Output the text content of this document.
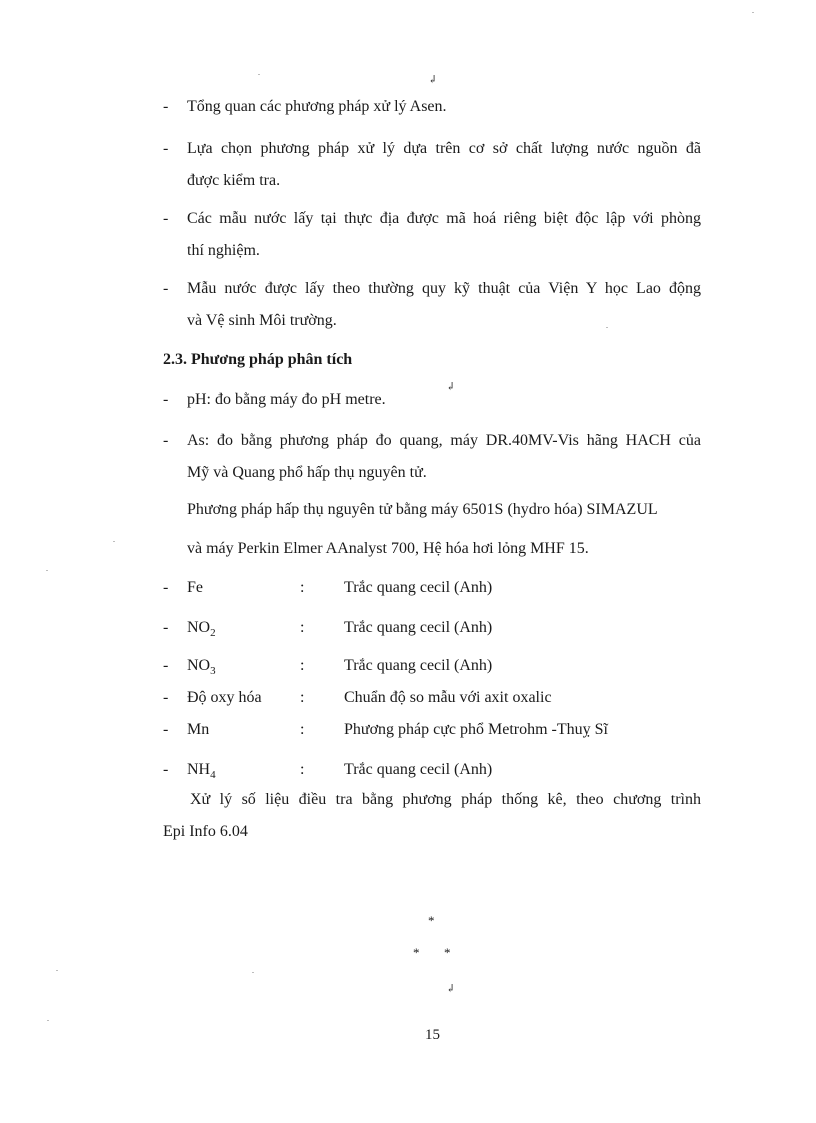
↲
↲
↲
- Tổng quan các phương pháp xử lý Asen.
- Lựa chọn phương pháp xử lý dựa trên cơ sở chất lượng nước nguồn đã
được kiểm tra.
- Các mẫu nước lấy tại thực địa được mã hoá riêng biệt độc lập với phòng
thí nghiệm.
- Mẫu nước được lấy theo thường quy kỹ thuật của Viện Y học Lao động
và Vệ sinh Môi trường.
2.3. Phương pháp phân tích
- pH: đo bằng máy đo pH metre.
- As: đo bằng phương pháp đo quang, máy DR.40MV-Vis hãng HACH của
Mỹ và Quang phổ hấp thụ nguyên tử.
Phương pháp hấp thụ nguyên tử bằng máy 6501S (hydro hóa) SIMAZUL
và máy Perkin Elmer AAnalyst 700, Hệ hóa hơi lỏng MHF 15.
- Fe	: Trắc quang cecil (Anh)
- $NO_2$	: Trắc quang cecil (Anh)
- $NO_3$	: Trắc quang cecil (Anh)
- Độ oxy hóa : Chuẩn độ so mẫu với axit oxalic
- Mn	: Phương pháp cực phổ Metrohm -Thuỵ Sĩ
- $NH_4$	: Trắc quang cecil (Anh)
Xử lý số liệu điều tra bằng phương pháp thống kê, theo chương trình
Epi Info 6.04
*
* *
15
